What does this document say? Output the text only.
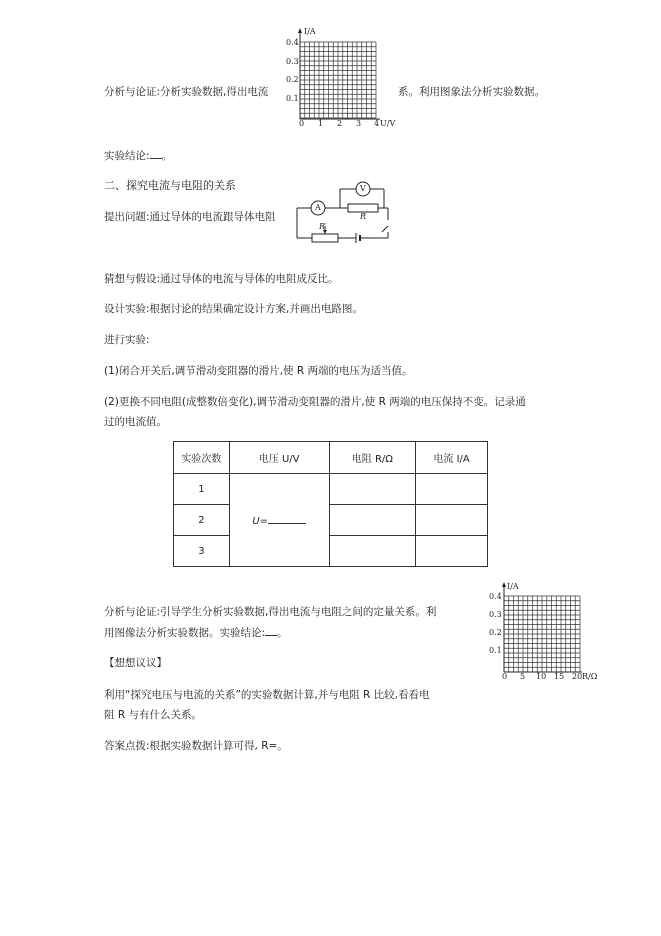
I/A
U/V
0.4
0.3
0.2
0.1
0 1 2 3 4
分析与论证:分析实验数据,得出电流	系。利用图象法分析实验数据。
实验结论: 。
二、探究电流与电阻的关系
提出问题:通过导体的电流跟导体电阻
A
V
R
R′
猜想与假设:通过导体的电流与导体的电阻成反比。
设计实验:根据讨论的结果确定设计方案,并画出电路图。
进行实验:
(1)闭合开关后,调节滑动变阻器的滑片,使 R 两端的电压为适当值。
(2)更换不同电阻(成整数倍变化),调节滑动变阻器的滑片,使 R 两端的电压保持不变。记录通
过的电流值。
实验次数	电压 U/V	电阻 R/Ω	电流 I/A
1	U=		
2			
3			
I/A
R/Ω
0.4
0.3
0.2
0.1
0 5 10 15 20
分析与论证:引导学生分析实验数据,得出电流与电阻之间的定量关系。利
用图像法分析实验数据。实验结论: 。
【想想议议】
利用“探究电压与电流的关系”的实验数据计算,并与电阻 R 比较,看看电
阻 R 与有什么关系。
答案点拨:根据实验数据计算可得, R=。
